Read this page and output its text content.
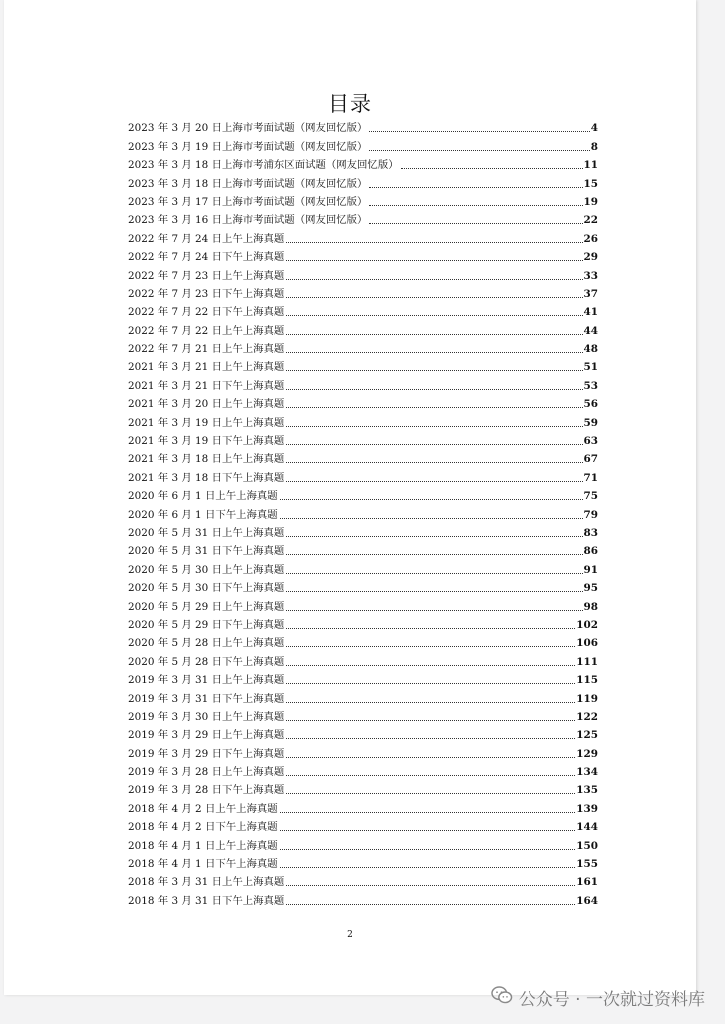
目录
2023 年 3 月 20 日上海市考面试题（网友回忆版）	4
2023 年 3 月 19 日上海市考面试题（网友回忆版）	8
2023 年 3 月 18 日上海市考浦东区面试题（网友回忆版）	11
2023 年 3 月 18 日上海市考面试题（网友回忆版）	15
2023 年 3 月 17 日上海市考面试题（网友回忆版）	19
2023 年 3 月 16 日上海市考面试题（网友回忆版）	22
2022 年 7 月 24 日上午上海真题	26
2022 年 7 月 24 日下午上海真题	29
2022 年 7 月 23 日上午上海真题	33
2022 年 7 月 23 日下午上海真题	37
2022 年 7 月 22 日下午上海真题	41
2022 年 7 月 22 日上午上海真题	44
2022 年 7 月 21 日上午上海真题	48
2021 年 3 月 21 日上午上海真题	51
2021 年 3 月 21 日下午上海真题	53
2021 年 3 月 20 日上午上海真题	56
2021 年 3 月 19 日上午上海真题	59
2021 年 3 月 19 日下午上海真题	63
2021 年 3 月 18 日上午上海真题	67
2021 年 3 月 18 日下午上海真题	71
2020 年 6 月 1 日上午上海真题	75
2020 年 6 月 1 日下午上海真题	79
2020 年 5 月 31 日上午上海真题	83
2020 年 5 月 31 日下午上海真题	86
2020 年 5 月 30 日上午上海真题	91
2020 年 5 月 30 日下午上海真题	95
2020 年 5 月 29 日上午上海真题	98
2020 年 5 月 29 日下午上海真题	102
2020 年 5 月 28 日上午上海真题	106
2020 年 5 月 28 日下午上海真题	111
2019 年 3 月 31 日上午上海真题	115
2019 年 3 月 31 日下午上海真题	119
2019 年 3 月 30 日上午上海真题	122
2019 年 3 月 29 日上午上海真题	125
2019 年 3 月 29 日下午上海真题	129
2019 年 3 月 28 日上午上海真题	134
2019 年 3 月 28 日下午上海真题	135
2018 年 4 月 2 日上午上海真题	139
2018 年 4 月 2 日下午上海真题	144
2018 年 4 月 1 日上午上海真题	150
2018 年 4 月 1 日下午上海真题	155
2018 年 3 月 31 日上午上海真题	161
2018 年 3 月 31 日下午上海真题	164
2
公众号 · 一次就过资料库
